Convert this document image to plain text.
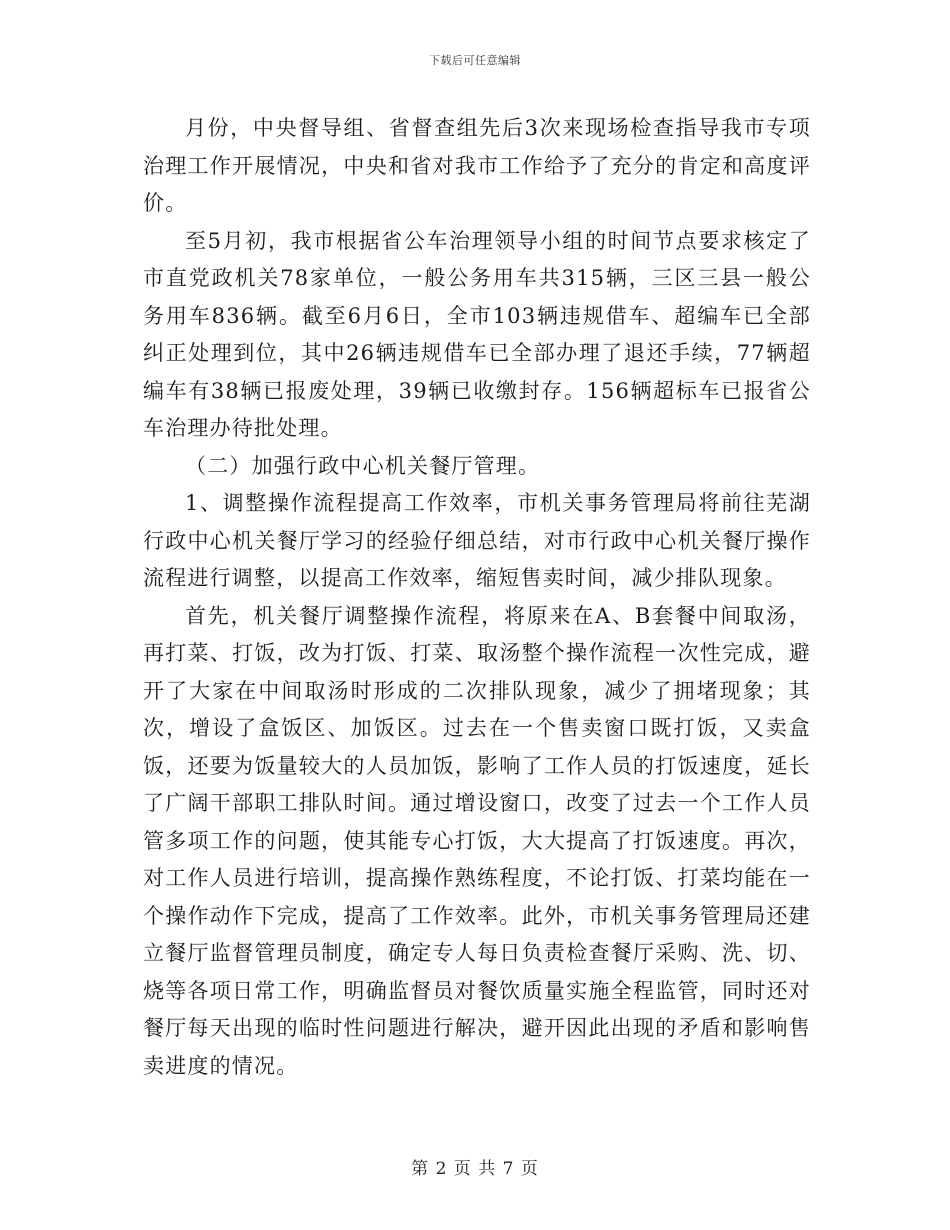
下载后可任意编辑

月份，中央督导组、省督查组先后3次来现场检查指导我市专项治理工作开展情况，中央和省对我市工作给予了充分的肯定和高度评价。

至5月初，我市根据省公车治理领导小组的时间节点要求核定了市直党政机关78家单位，一般公务用车共315辆，三区三县一般公务用车836辆。截至6月6日，全市103辆违规借车、超编车已全部纠正处理到位，其中26辆违规借车已全部办理了退还手续，77辆超编车有38辆已报废处理，39辆已收缴封存。156辆超标车已报省公车治理办待批处理。

（二）加强行政中心机关餐厅管理。

1、调整操作流程提高工作效率，市机关事务管理局将前往芜湖行政中心机关餐厅学习的经验仔细总结，对市行政中心机关餐厅操作流程进行调整，以提高工作效率，缩短售卖时间，减少排队现象。

首先，机关餐厅调整操作流程，将原来在A、B套餐中间取汤，再打菜、打饭，改为打饭、打菜、取汤整个操作流程一次性完成，避开了大家在中间取汤时形成的二次排队现象，减少了拥堵现象；其次，增设了盒饭区、加饭区。过去在一个售卖窗口既打饭，又卖盒饭，还要为饭量较大的人员加饭，影响了工作人员的打饭速度，延长了广阔干部职工排队时间。通过增设窗口，改变了过去一个工作人员管多项工作的问题，使其能专心打饭，大大提高了打饭速度。再次，对工作人员进行培训，提高操作熟练程度，不论打饭、打菜均能在一个操作动作下完成，提高了工作效率。此外，市机关事务管理局还建立餐厅监督管理员制度，确定专人每日负责检查餐厅采购、洗、切、烧等各项日常工作，明确监督员对餐饮质量实施全程监管，同时还对餐厅每天出现的临时性问题进行解决，避开因此出现的矛盾和影响售卖进度的情况。

第 2 页 共 7 页
